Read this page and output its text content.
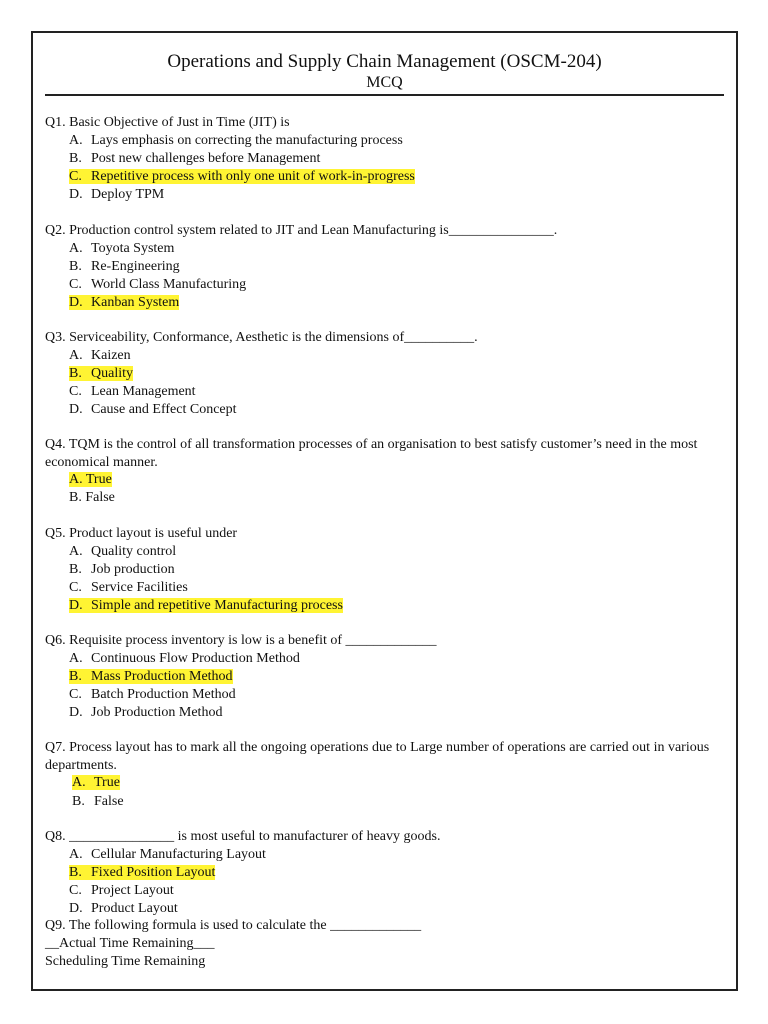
Operations and Supply Chain Management (OSCM-204)
MCQ
Q1. Basic Objective of Just in Time (JIT) is
A. Lays emphasis on correcting the manufacturing process
B. Post new challenges before Management
C. Repetitive process with only one unit of work-in-progress
D. Deploy TPM
Q2. Production control system related to JIT and Lean Manufacturing is_______________.
A. Toyota System
B. Re-Engineering
C. World Class Manufacturing
D. Kanban System
Q3. Serviceability, Conformance, Aesthetic is the dimensions of__________.
A. Kaizen
B. Quality
C. Lean Management
D. Cause and Effect Concept
Q4. TQM is the control of all transformation processes of an organisation to best satisfy customer’s need in the most economical manner.
A. True
B. False
Q5. Product layout is useful under
A. Quality control
B. Job production
C. Service Facilities
D. Simple and repetitive Manufacturing process
Q6. Requisite process inventory is low is a benefit of _____________
A. Continuous Flow Production Method
B. Mass Production Method
C. Batch Production Method
D. Job Production Method
Q7. Process layout has to mark all the ongoing operations due to Large number of operations are carried out in various departments.
A. True
B. False
Q8. _______________ is most useful to manufacturer of heavy goods.
A. Cellular Manufacturing Layout
B. Fixed Position Layout
C. Project Layout
D. Product Layout
Q9. The following formula is used to calculate the _____________
__Actual Time Remaining___
Scheduling Time Remaining
